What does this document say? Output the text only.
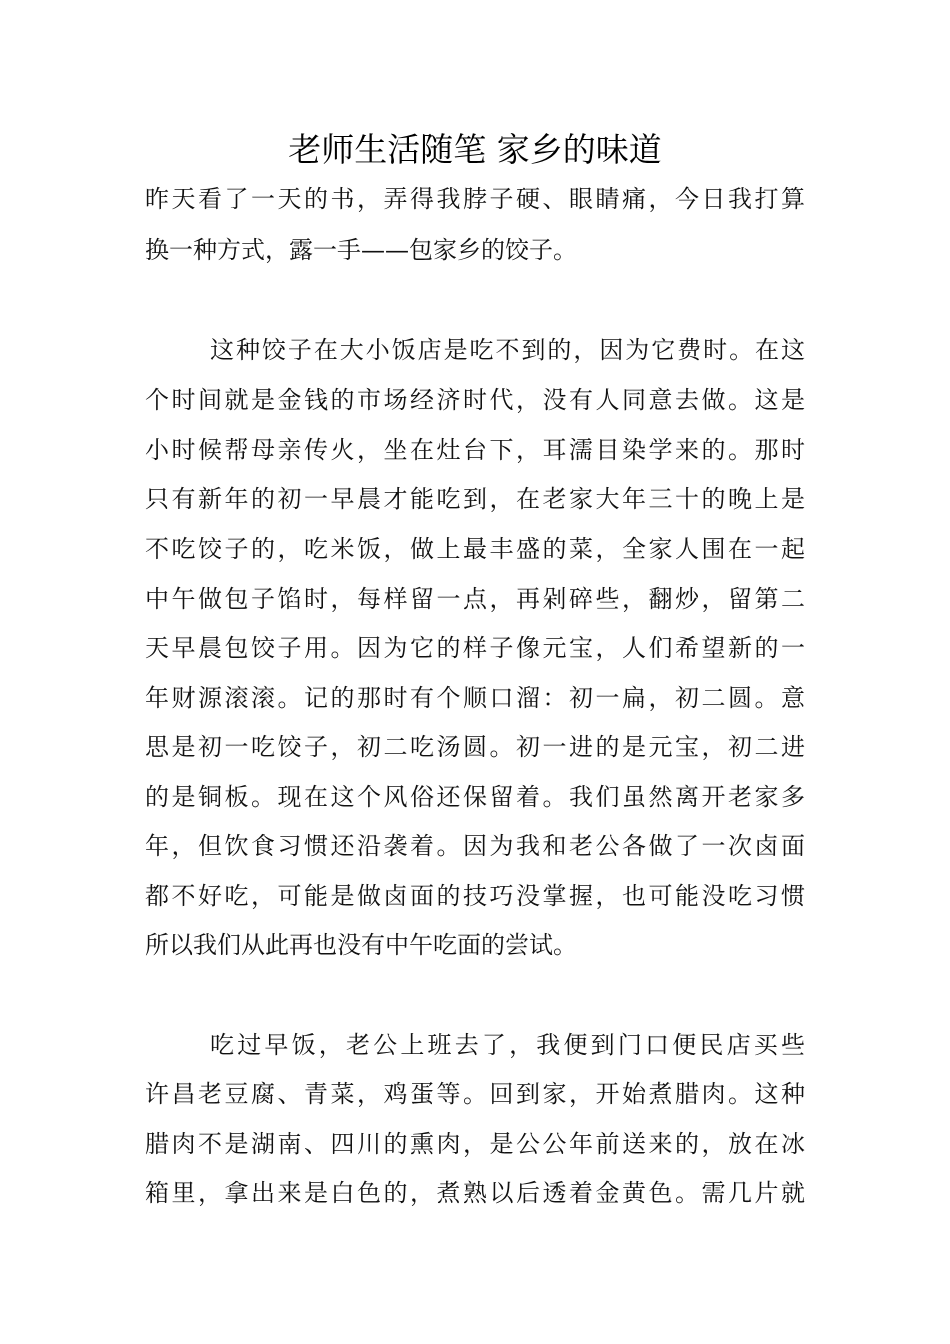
老师生活随笔 家乡的味道
昨天看了一天的书，弄得我脖子硬、眼睛痛，今日我打算
换一种方式，露一手——包家乡的饺子。
这种饺子在大小饭店是吃不到的，因为它费时。在这
个时间就是金钱的市场经济时代，没有人同意去做。这是
小时候帮母亲传火，坐在灶台下，耳濡目染学来的。那时
只有新年的初一早晨才能吃到，在老家大年三十的晚上是
不吃饺子的，吃米饭，做上最丰盛的菜，全家人围在一起
中午做包子馅时，每样留一点，再剁碎些，翻炒，留第二
天早晨包饺子用。因为它的样子像元宝，人们希望新的一
年财源滚滚。记的那时有个顺口溜：初一扁，初二圆。意
思是初一吃饺子，初二吃汤圆。初一进的是元宝，初二进
的是铜板。现在这个风俗还保留着。我们虽然离开老家多
年，但饮食习惯还沿袭着。因为我和老公各做了一次卤面
都不好吃，可能是做卤面的技巧没掌握，也可能没吃习惯
所以我们从此再也没有中午吃面的尝试。
吃过早饭，老公上班去了，我便到门口便民店买些
许昌老豆腐、青菜，鸡蛋等。回到家，开始煮腊肉。这种
腊肉不是湖南、四川的熏肉，是公公年前送来的，放在冰
箱里，拿出来是白色的，煮熟以后透着金黄色。需几片就
